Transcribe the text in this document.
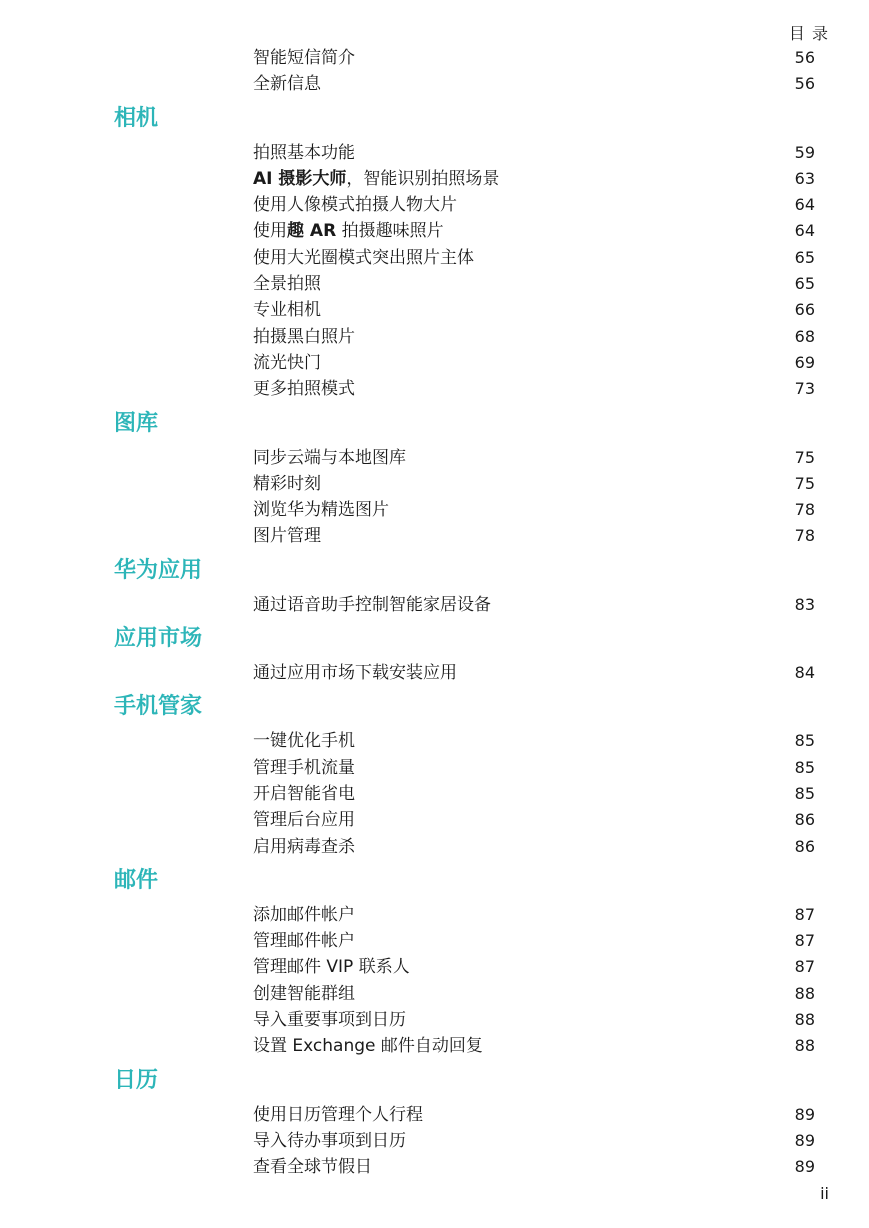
目 录
智能短信简介	56
全新信息	56
相机
拍照基本功能	59
AI 摄影大师，智能识别拍照场景	63
使用人像模式拍摄人物大片	64
使用趣 AR 拍摄趣味照片	64
使用大光圈模式突出照片主体	65
全景拍照	65
专业相机	66
拍摄黑白照片	68
流光快门	69
更多拍照模式	73
图库
同步云端与本地图库	75
精彩时刻	75
浏览华为精选图片	78
图片管理	78
华为应用
通过语音助手控制智能家居设备	83
应用市场
通过应用市场下载安装应用	84
手机管家
一键优化手机	85
管理手机流量	85
开启智能省电	85
管理后台应用	86
启用病毒查杀	86
邮件
添加邮件帐户	87
管理邮件帐户	87
管理邮件 VIP 联系人	87
创建智能群组	88
导入重要事项到日历	88
设置 Exchange 邮件自动回复	88
日历
使用日历管理个人行程	89
导入待办事项到日历	89
查看全球节假日	89
ii
